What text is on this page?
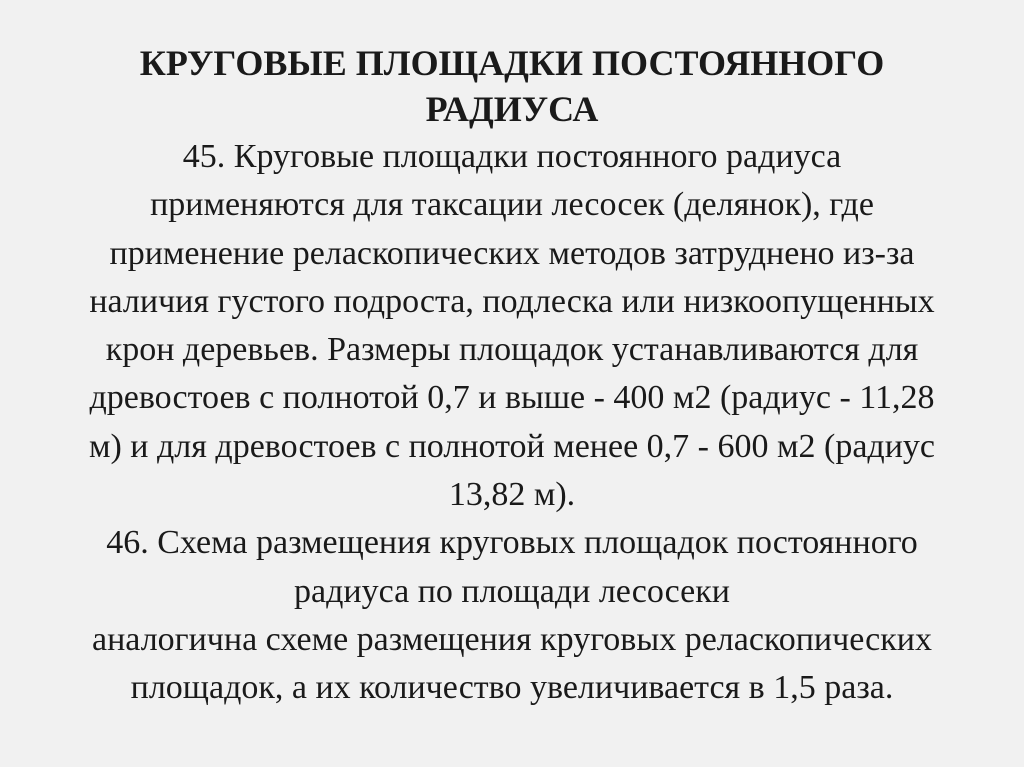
КРУГОВЫЕ ПЛОЩАДКИ ПОСТОЯННОГО
РАДИУСА
45. Круговые площадки постоянного радиуса
применяются для таксации лесосек (делянок), где
применение реласкопических методов затруднено из-за
наличия густого подроста, подлеска или низкоопущенных
крон деревьев. Размеры площадок устанавливаются для
древостоев с полнотой 0,7 и выше - 400 м2 (радиус - 11,28
м) и для древостоев с полнотой менее 0,7 - 600 м2 (радиус
13,82 м).
46. Схема размещения круговых площадок постоянного
радиуса по площади лесосеки
аналогична схеме размещения круговых реласкопических
площадок, а их количество увеличивается в 1,5 раза.
